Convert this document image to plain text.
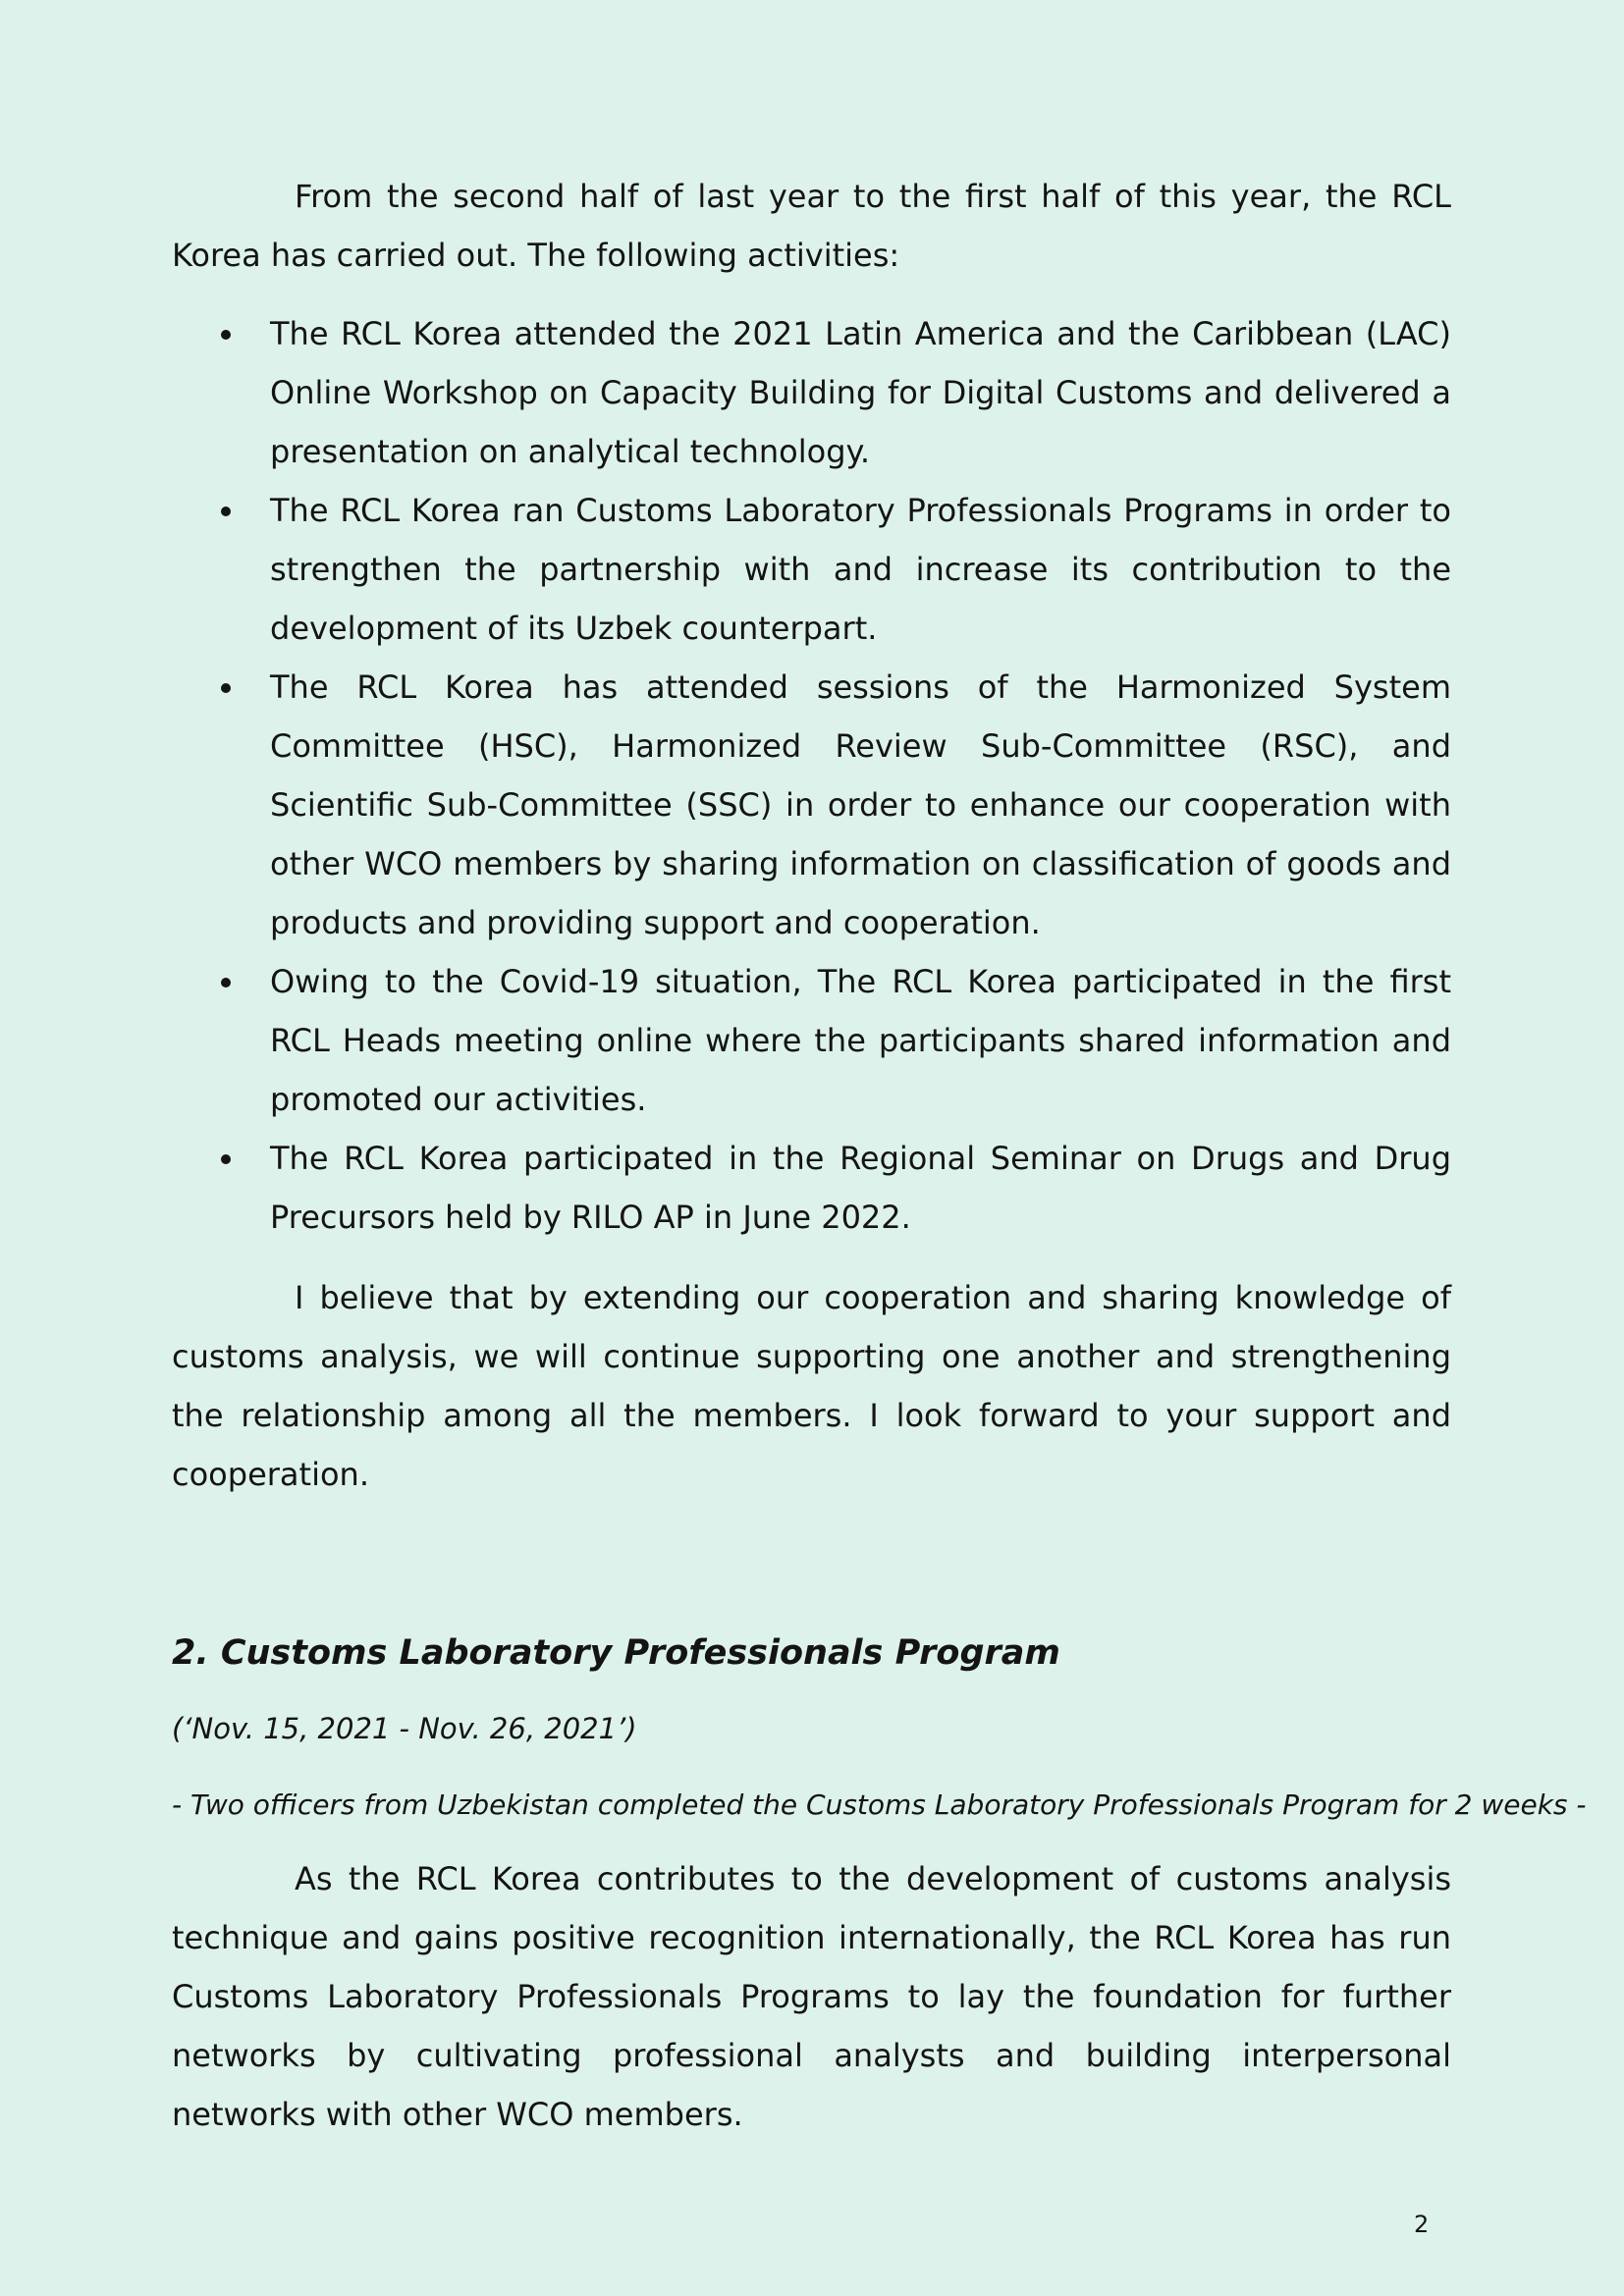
From the second half of last year to the first half of this year, the RCL Korea has carried out. The following activities:

The RCL Korea attended the 2021 Latin America and the Caribbean (LAC) Online Workshop on Capacity Building for Digital Customs and delivered a presentation on analytical technology.
The RCL Korea ran Customs Laboratory Professionals Programs in order to strengthen the partnership with and increase its contribution to the development of its Uzbek counterpart.
The RCL Korea has attended sessions of the Harmonized System Committee (HSC), Harmonized Review Sub-Committee (RSC), and Scientific Sub-Committee (SSC) in order to enhance our cooperation with other WCO members by sharing information on classification of goods and products and providing support and cooperation.
Owing to the Covid-19 situation, The RCL Korea participated in the first RCL Heads meeting online where the participants shared information and promoted our activities.
The RCL Korea participated in the Regional Seminar on Drugs and Drug Precursors held by RILO AP in June 2022.

I believe that by extending our cooperation and sharing knowledge of customs analysis, we will continue supporting one another and strengthening the relationship among all the members. I look forward to your support and cooperation.

2. Customs Laboratory Professionals Program

(‘Nov. 15, 2021 - Nov. 26, 2021’)

- Two officers from Uzbekistan completed the Customs Laboratory Professionals Program for 2 weeks -

As the RCL Korea contributes to the development of customs analysis technique and gains positive recognition internationally, the RCL Korea has run Customs Laboratory Professionals Programs to lay the foundation for further networks by cultivating professional analysts and building interpersonal networks with other WCO members.

2
